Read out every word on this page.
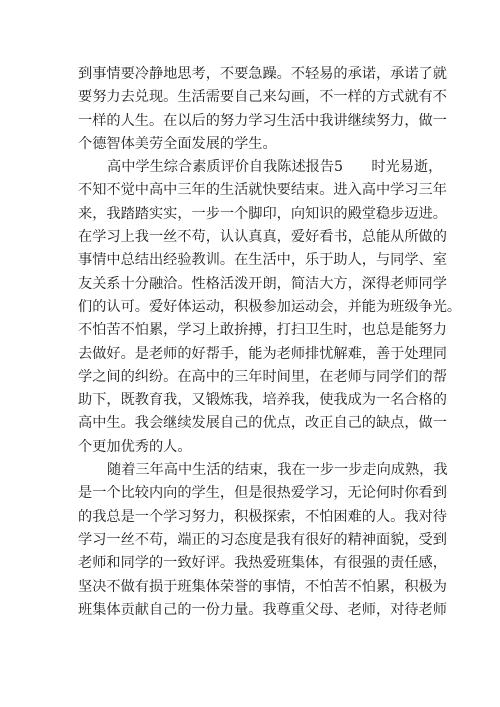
到事情要冷静地思考，不要急躁。不轻易的承诺，承诺了就
要努力去兑现。生活需要自己来勾画，不一样的方式就有不
一样的人生。在以后的努力学习生活中我讲继续努力，做一
个德智体美劳全面发展的学生。
高中学生综合素质评价自我陈述报告5　　时光易逝，
不知不觉中高中三年的生活就快要结束。进入高中学习三年
来，我踏踏实实，一步一个脚印，向知识的殿堂稳步迈进。
在学习上我一丝不苟，认认真真，爱好看书，总能从所做的
事情中总结出经验教训。在生活中，乐于助人，与同学、室
友关系十分融洽。性格活泼开朗，简洁大方，深得老师同学
们的认可。爱好体运动，积极参加运动会，并能为班级争光。
不怕苦不怕累，学习上敢拚搏，打扫卫生时，也总是能努力
去做好。是老师的好帮手，能为老师排忧解难，善于处理同
学之间的纠纷。在高中的三年时间里，在老师与同学们的帮
助下，既教育我，又锻炼我，培养我，使我成为一名合格的
高中生。我会继续发展自己的优点，改正自己的缺点，做一
个更加优秀的人。
随着三年高中生活的结束，我在一步一步走向成熟，我
是一个比较内向的学生，但是很热爱学习，无论何时你看到
的我总是一个学习努力，积极探索，不怕困难的人。我对待
学习一丝不苟，端正的习态度是我有很好的精神面貌，受到
老师和同学的一致好评。我热爱班集体，有很强的责任感，
坚决不做有损于班集体荣誉的事情，不怕苦不怕累，积极为
班集体贡献自己的一份力量。我尊重父母、老师，对待老师
